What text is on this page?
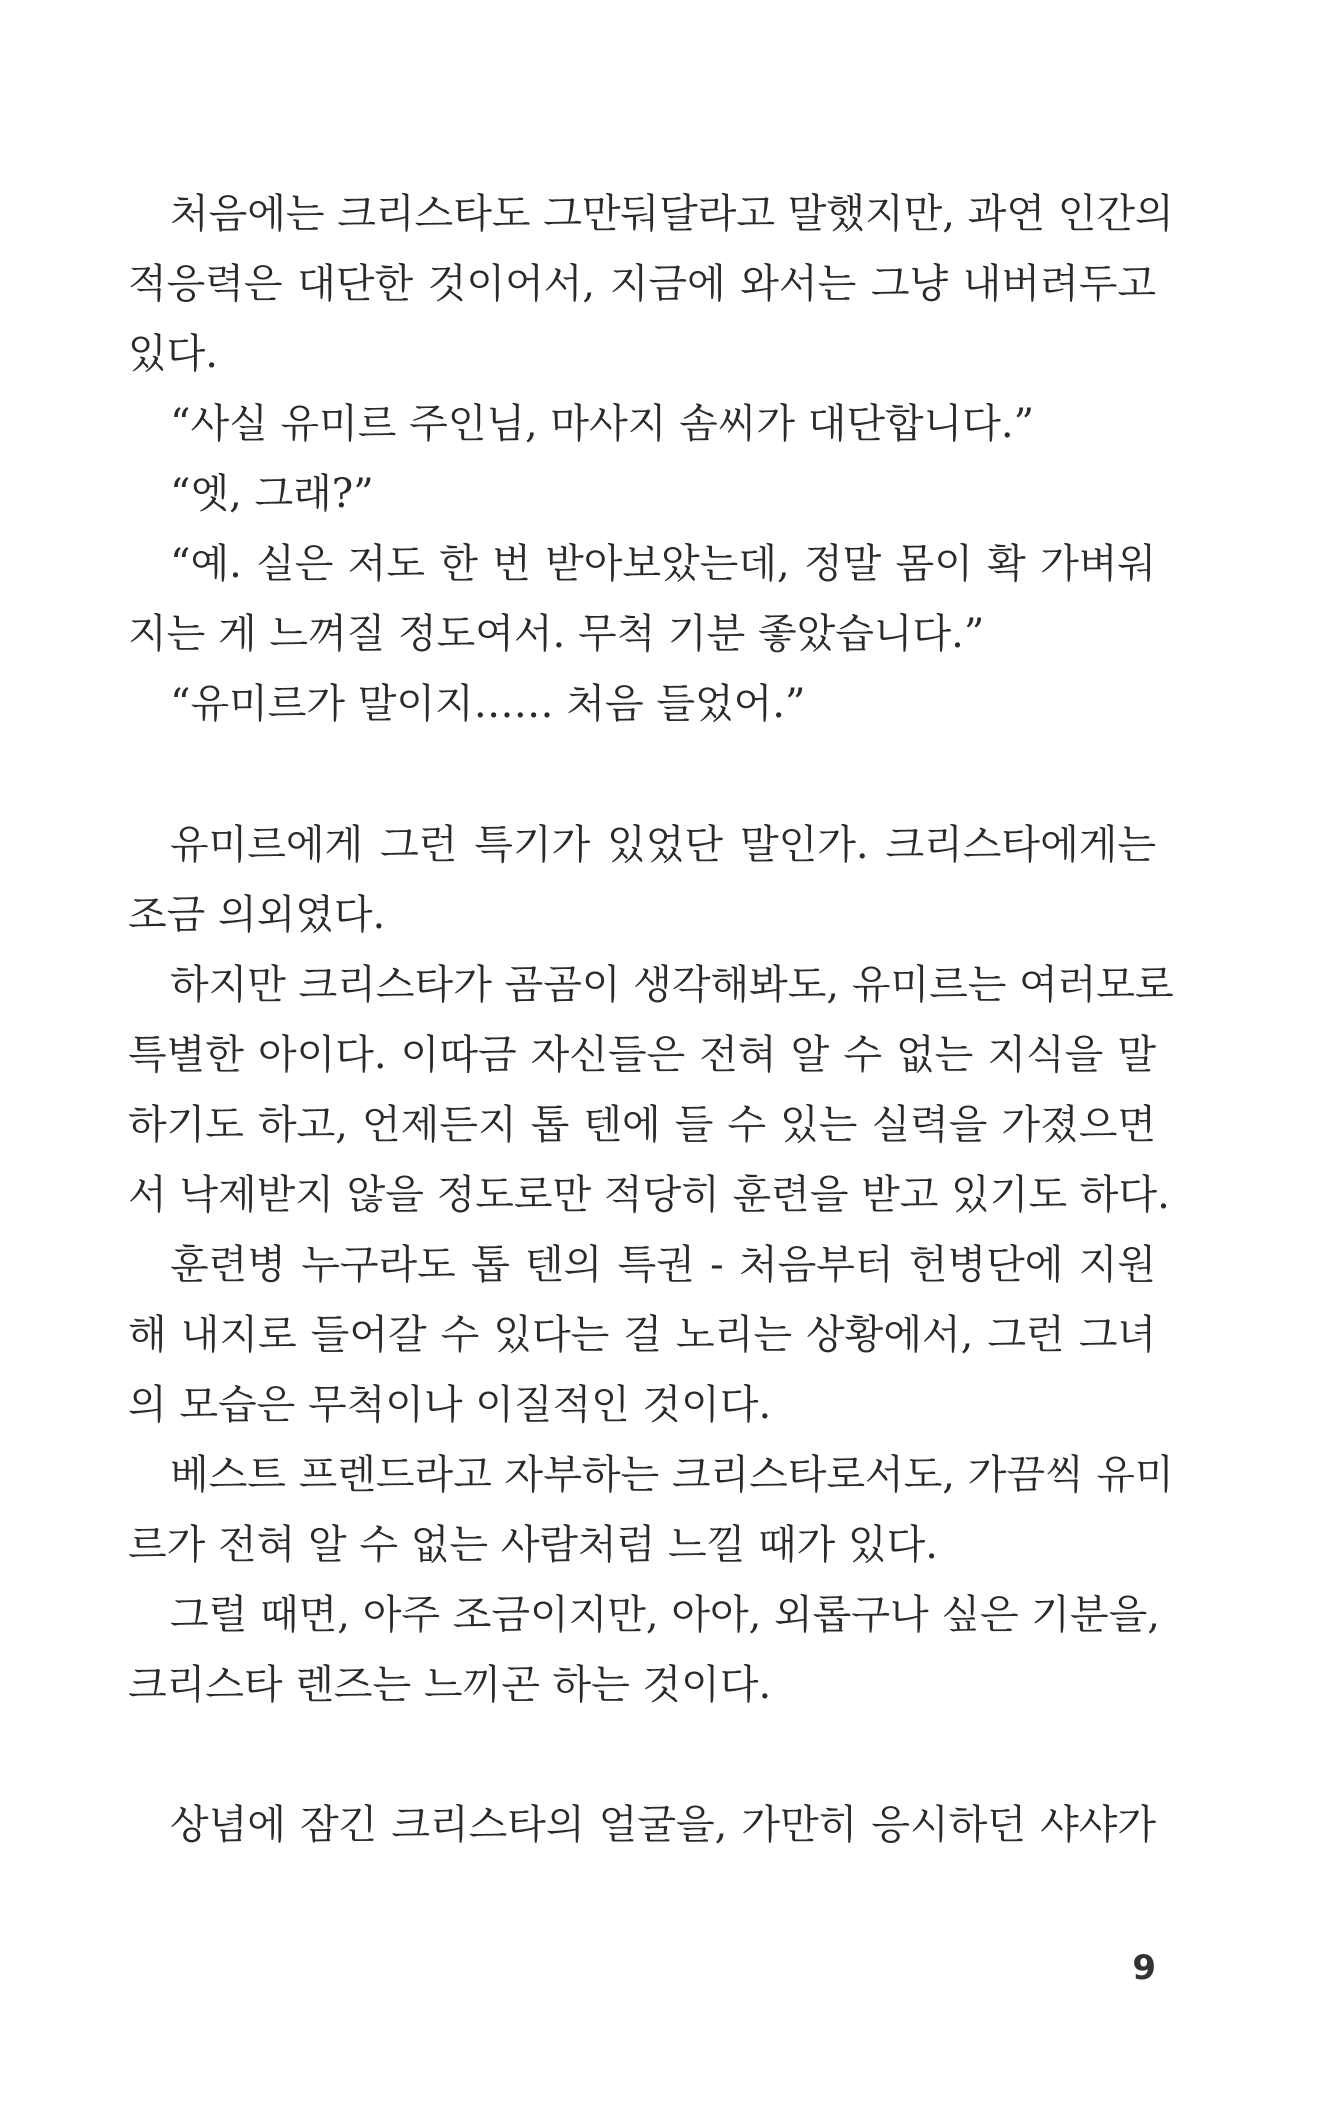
처음에는 크리스타도 그만둬달라고 말했지만, 과연 인간의
적응력은 대단한 것이어서, 지금에 와서는 그냥 내버려두고
있다.
“사실 유미르 주인님, 마사지 솜씨가 대단합니다.”
“엣, 그래?”
“예. 실은 저도 한 번 받아보았는데, 정말 몸이 확 가벼워
지는 게 느껴질 정도여서. 무척 기분 좋았습니다.”
“유미르가 말이지…… 처음 들었어.”
유미르에게 그런 특기가 있었단 말인가. 크리스타에게는
조금 의외였다.
하지만 크리스타가 곰곰이 생각해봐도, 유미르는 여러모로
특별한 아이다. 이따금 자신들은 전혀 알 수 없는 지식을 말
하기도 하고, 언제든지 톱 텐에 들 수 있는 실력을 가졌으면
서 낙제받지 않을 정도로만 적당히 훈련을 받고 있기도 하다.
훈련병 누구라도 톱 텐의 특권 - 처음부터 헌병단에 지원
해 내지로 들어갈 수 있다는 걸 노리는 상황에서, 그런 그녀
의 모습은 무척이나 이질적인 것이다.
베스트 프렌드라고 자부하는 크리스타로서도, 가끔씩 유미
르가 전혀 알 수 없는 사람처럼 느낄 때가 있다.
그럴 때면, 아주 조금이지만, 아아, 외롭구나 싶은 기분을,
크리스타 렌즈는 느끼곤 하는 것이다.
상념에 잠긴 크리스타의 얼굴을, 가만히 응시하던 샤샤가
9
